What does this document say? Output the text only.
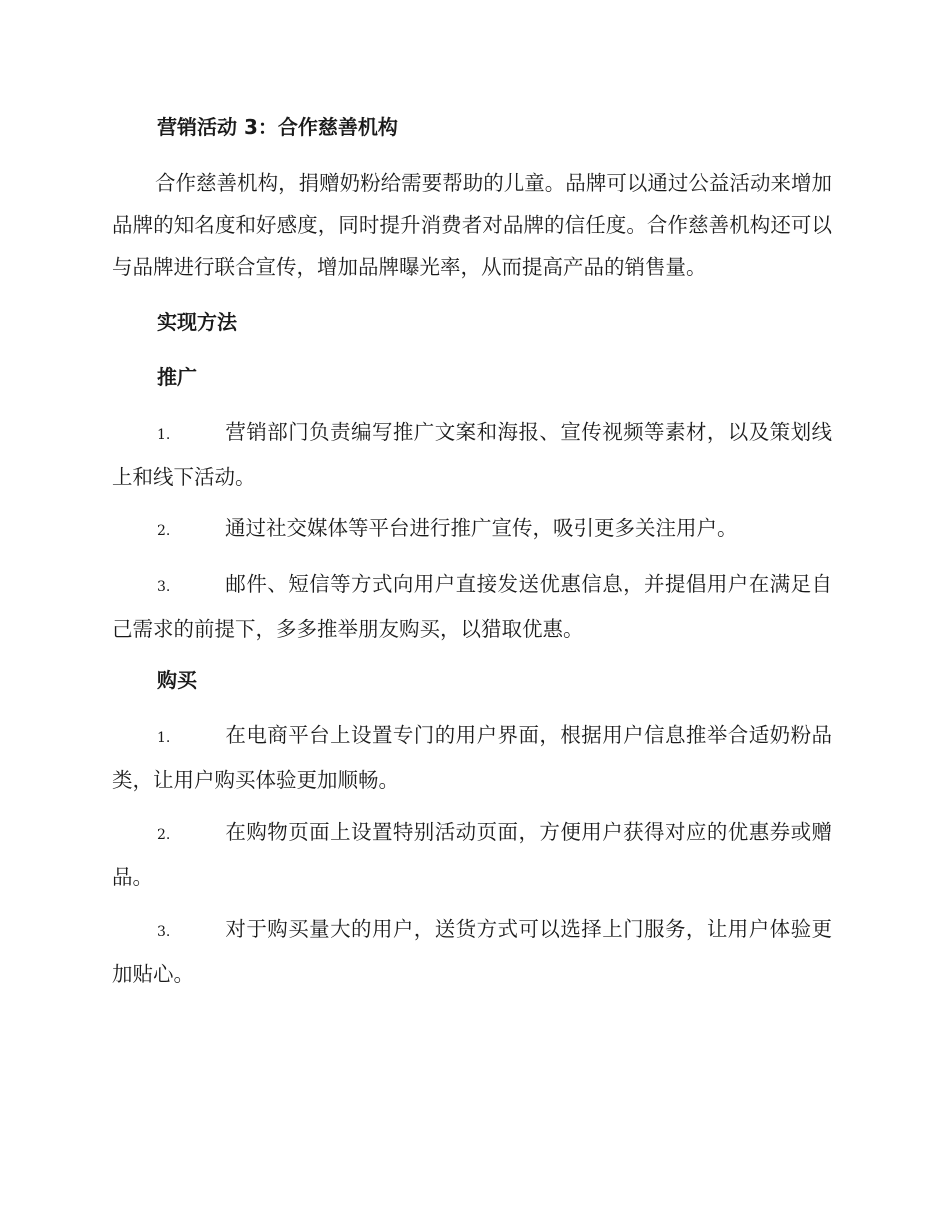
营销活动 3：合作慈善机构
合作慈善机构，捐赠奶粉给需要帮助的儿童。品牌可以通过公益活动来增加品牌的知名度和好感度，同时提升消费者对品牌的信任度。合作慈善机构还可以与品牌进行联合宣传，增加品牌曝光率，从而提高产品的销售量。
实现方法
推广
1.	营销部门负责编写推广文案和海报、宣传视频等素材，以及策划线上和线下活动。
2.	通过社交媒体等平台进行推广宣传，吸引更多关注用户。
3.	邮件、短信等方式向用户直接发送优惠信息，并提倡用户在满足自己需求的前提下，多多推举朋友购买，以猎取优惠。
购买
1.	在电商平台上设置专门的用户界面，根据用户信息推举合适奶粉品类，让用户购买体验更加顺畅。
2.	在购物页面上设置特别活动页面，方便用户获得对应的优惠券或赠品。
3.	对于购买量大的用户，送货方式可以选择上门服务，让用户体验更加贴心。
